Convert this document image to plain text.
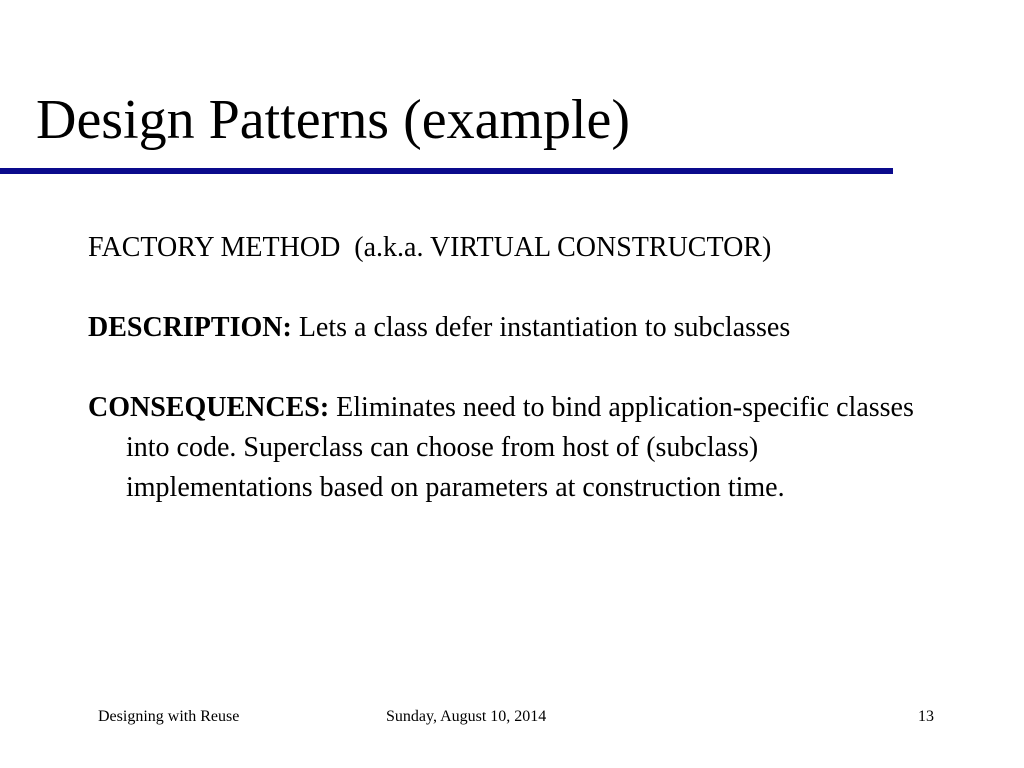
Design Patterns (example)

FACTORY METHOD  (a.k.a. VIRTUAL CONSTRUCTOR)

DESCRIPTION: Lets a class defer instantiation to subclasses

CONSEQUENCES: Eliminates need to bind application-specific classes into code. Superclass can choose from host of (subclass) implementations based on parameters at construction time.

Designing with Reuse	Sunday, August 10, 2014	13
